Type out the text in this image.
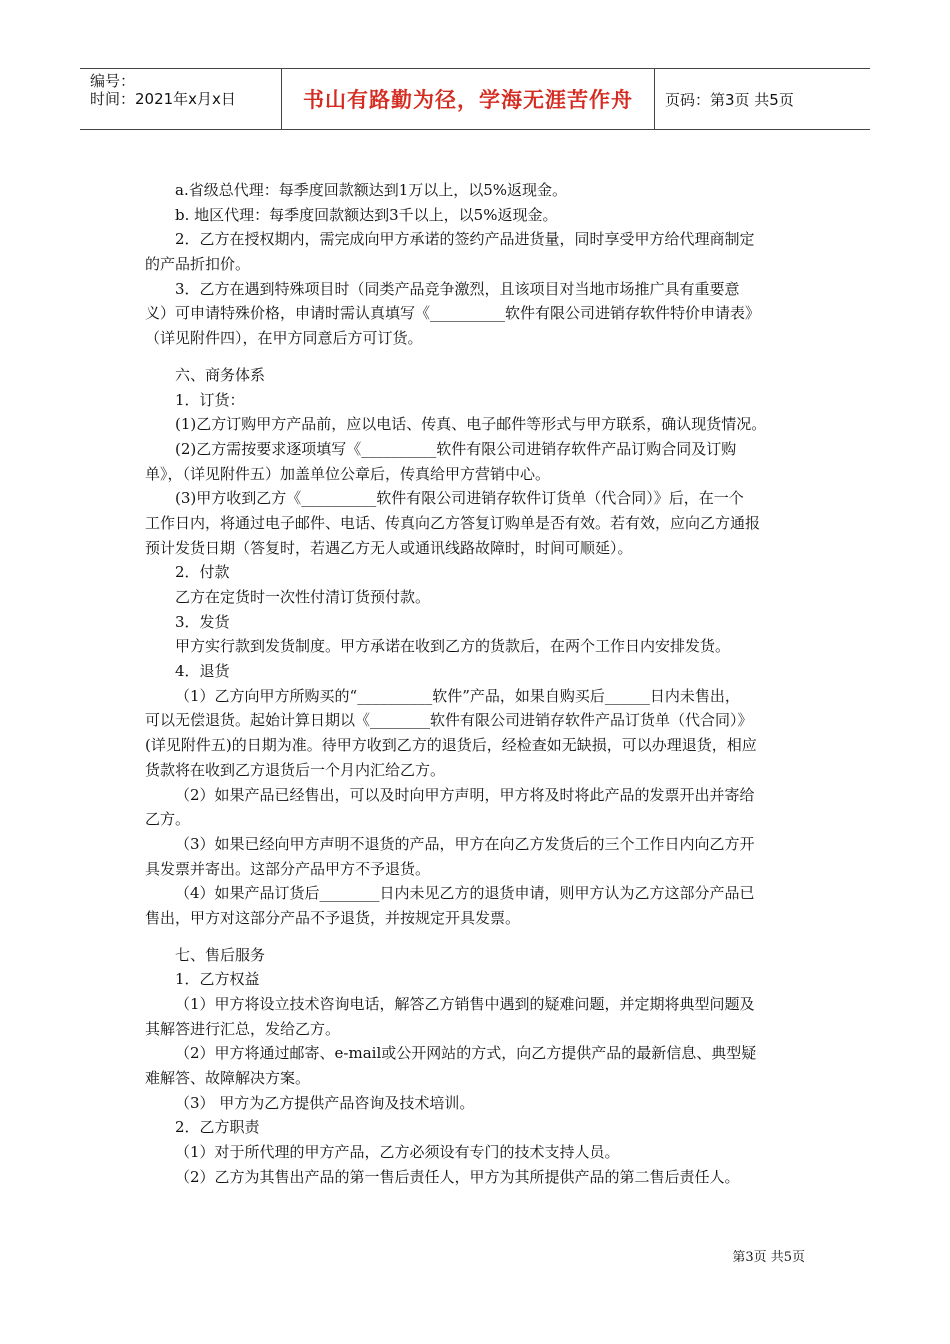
编号：
时间：2021年x月x日	书山有路勤为径，学海无涯苦作舟	页码：第3页 共5页
a.省级总代理：每季度回款额达到1万以上，以5%返现金。
b. 地区代理：每季度回款额达到3千以上，以5%返现金。
2．乙方在授权期内，需完成向甲方承诺的签约产品进货量，同时享受甲方给代理商制定
的产品折扣价。
3．乙方在遇到特殊项目时（同类产品竞争激烈，且该项目对当地市场推广具有重要意
义）可申请特殊价格，申请时需认真填写《__________软件有限公司进销存软件特价申请表》
（详见附件四），在甲方同意后方可订货。
六、商务体系
1．订货：
(1)乙方订购甲方产品前，应以电话、传真、电子邮件等形式与甲方联系，确认现货情况。
(2)乙方需按要求逐项填写《__________软件有限公司进销存软件产品订购合同及订购
单》，（详见附件五）加盖单位公章后，传真给甲方营销中心。
(3)甲方收到乙方《__________软件有限公司进销存软件订货单（代合同）》后，在一个
工作日内，将通过电子邮件、电话、传真向乙方答复订购单是否有效。若有效，应向乙方通报
预计发货日期（答复时，若遇乙方无人或通讯线路故障时，时间可顺延）。
2．付款
乙方在定货时一次性付清订货预付款。
3．发货
甲方实行款到发货制度。甲方承诺在收到乙方的货款后，在两个工作日内安排发货。
4．退货
（1）乙方向甲方所购买的“__________软件”产品，如果自购买后______日内未售出，
可以无偿退货。起始计算日期以《________软件有限公司进销存软件产品订货单（代合同）》
(详见附件五)的日期为准。待甲方收到乙方的退货后，经检查如无缺损，可以办理退货，相应
货款将在收到乙方退货后一个月内汇给乙方。
（2）如果产品已经售出，可以及时向甲方声明，甲方将及时将此产品的发票开出并寄给
乙方。
（3）如果已经向甲方声明不退货的产品，甲方在向乙方发货后的三个工作日内向乙方开
具发票并寄出。这部分产品甲方不予退货。
（4）如果产品订货后________日内未见乙方的退货申请，则甲方认为乙方这部分产品已
售出，甲方对这部分产品不予退货，并按规定开具发票。
七、售后服务
1．乙方权益
（1）甲方将设立技术咨询电话，解答乙方销售中遇到的疑难问题，并定期将典型问题及
其解答进行汇总，发给乙方。
（2）甲方将通过邮寄、e-mail或公开网站的方式，向乙方提供产品的最新信息、典型疑
难解答、故障解决方案。
（3） 甲方为乙方提供产品咨询及技术培训。
2．乙方职责
（1）对于所代理的甲方产品，乙方必须设有专门的技术支持人员。
（2）乙方为其售出产品的第一售后责任人，甲方为其所提供产品的第二售后责任人。
第3页 共5页
